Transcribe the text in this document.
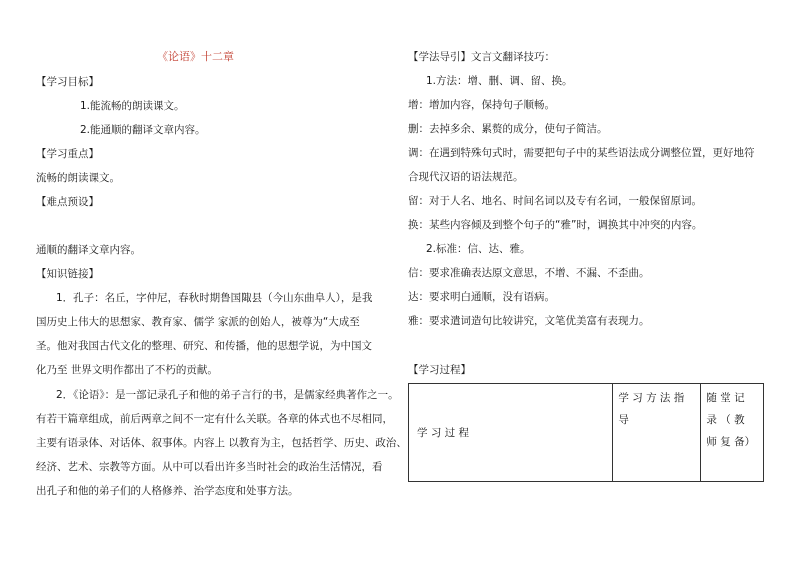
《论语》十二章
【学习目标】
1.能流畅的朗读课文。
2.能通顺的翻译文章内容。
【学习重点】
流畅的朗读课文。
【难点预设】
通顺的翻译文章内容。
【知识链接】
1．孔子：名丘，字仲尼，春秋时期鲁国陬县（今山东曲阜人），是我
国历史上伟大的思想家、教育家、儒学 家派的创始人，被尊为“大成至
圣。他对我国古代文化的整理、研究、和传播，他的思想学说，为中国文
化乃至 世界文明作都出了不朽的贡献。
2．《论语》：是一部记录孔子和他的弟子言行的书，是儒家经典著作之一。
有若干篇章组成，前后两章之间不一定有什么关联。各章的体式也不尽相同，
主要有语录体、对话体、叙事体。内容上 以教育为主，包括哲学、历史、政治、
经济、艺术、宗教等方面。从中可以看出许多当时社会的政治生活情况，看
出孔子和他的弟子们的人格修养、治学态度和处事方法。
【学法导引】文言文翻译技巧：
1.方法：增、删、调、留、换。
增：增加内容，保持句子顺畅。
删：去掉多余、累赘的成分，使句子简洁。
调：在遇到特殊句式时，需要把句子中的某些语法成分调整位置，更好地符
合现代汉语的语法规范。
留：对于人名、地名、时间名词以及专有名词，一般保留原词。
换：某些内容倾及到整个句子的“雅”时，调换其中冲突的内容。
2.标准：信、达、雅。
信：要求准确表达原文意思，不增、不漏、不歪曲。
达：要求明白通顺，没有语病。
雅：要求遣词造句比较讲究，文笔优美富有表现力。
【学习过程】
学 习 过 程	学 习 方 法 指 导	随 堂 记 录 （ 教 师 复 备）
